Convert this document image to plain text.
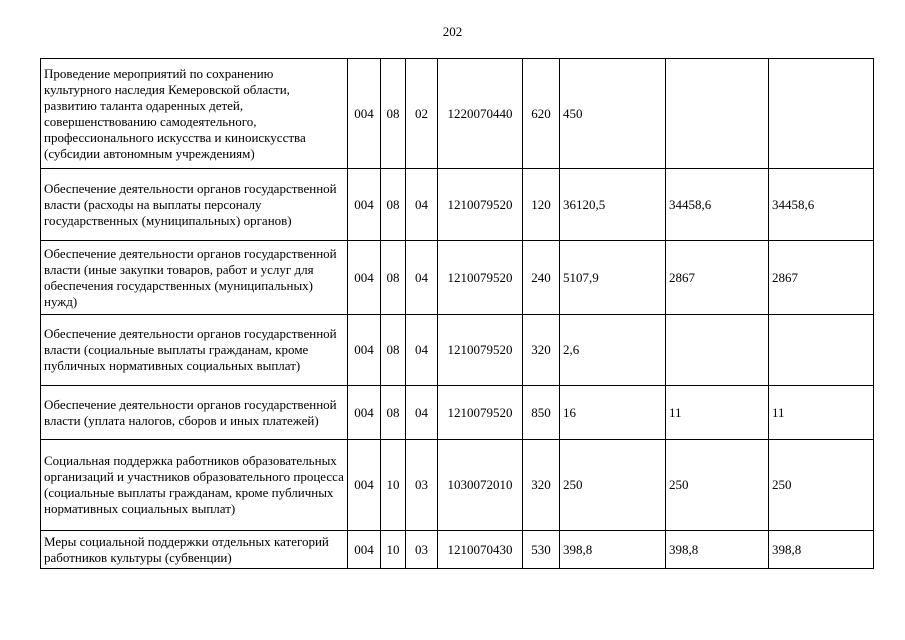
202
Проведение мероприятий по сохранению культурного наследия Кемеровской области, развитию таланта одаренных детей, совершенствованию самодеятельного, профессионального искусства и киноискусства (субсидии автономным учреждениям)	004	08	02	1220070440	620	450		
Обеспечение деятельности органов государственной власти (расходы на выплаты персоналу государственных (муниципальных) органов)	004	08	04	1210079520	120	36120,5	34458,6	34458,6
Обеспечение деятельности органов государственной власти (иные закупки товаров, работ и услуг для обеспечения государственных (муниципальных) нужд)	004	08	04	1210079520	240	5107,9	2867	2867
Обеспечение деятельности органов государственной власти (социальные выплаты гражданам, кроме публичных нормативных социальных выплат)	004	08	04	1210079520	320	2,6		
Обеспечение деятельности органов государственной власти (уплата налогов, сборов и иных платежей)	004	08	04	1210079520	850	16	11	11
Социальная поддержка работников образовательных организаций и участников образовательного процесса (социальные выплаты гражданам, кроме публичных нормативных социальных выплат)	004	10	03	1030072010	320	250	250	250
Меры социальной поддержки отдельных категорий работников культуры (субвенции)	004	10	03	1210070430	530	398,8	398,8	398,8
